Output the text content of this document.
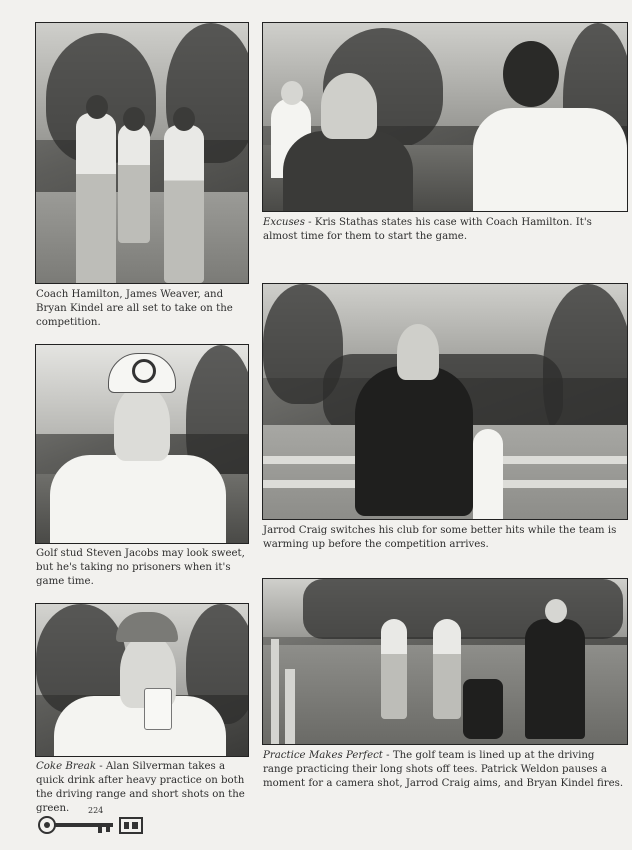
Excuses - Kris Stathas states his case with Coach Hamilton. It's almost time for them to start the game.
Coach Hamilton, James Weaver, and Bryan Kindel are all set to take on the competition.
Jarrod Craig switches his club for some better hits while the team is warming up before the competition arrives.
Golf stud Steven Jacobs may look sweet, but he's taking no prisoners when it's game time.
Practice Makes Perfect - The golf team is lined up at the driving range practicing their long shots off tees. Patrick Weldon pauses a moment for a camera shot, Jarrod Craig aims, and Bryan Kindel fires.
Coke Break - Alan Silverman takes a quick drink after heavy practice on both the driving range and short shots on the green.	224
